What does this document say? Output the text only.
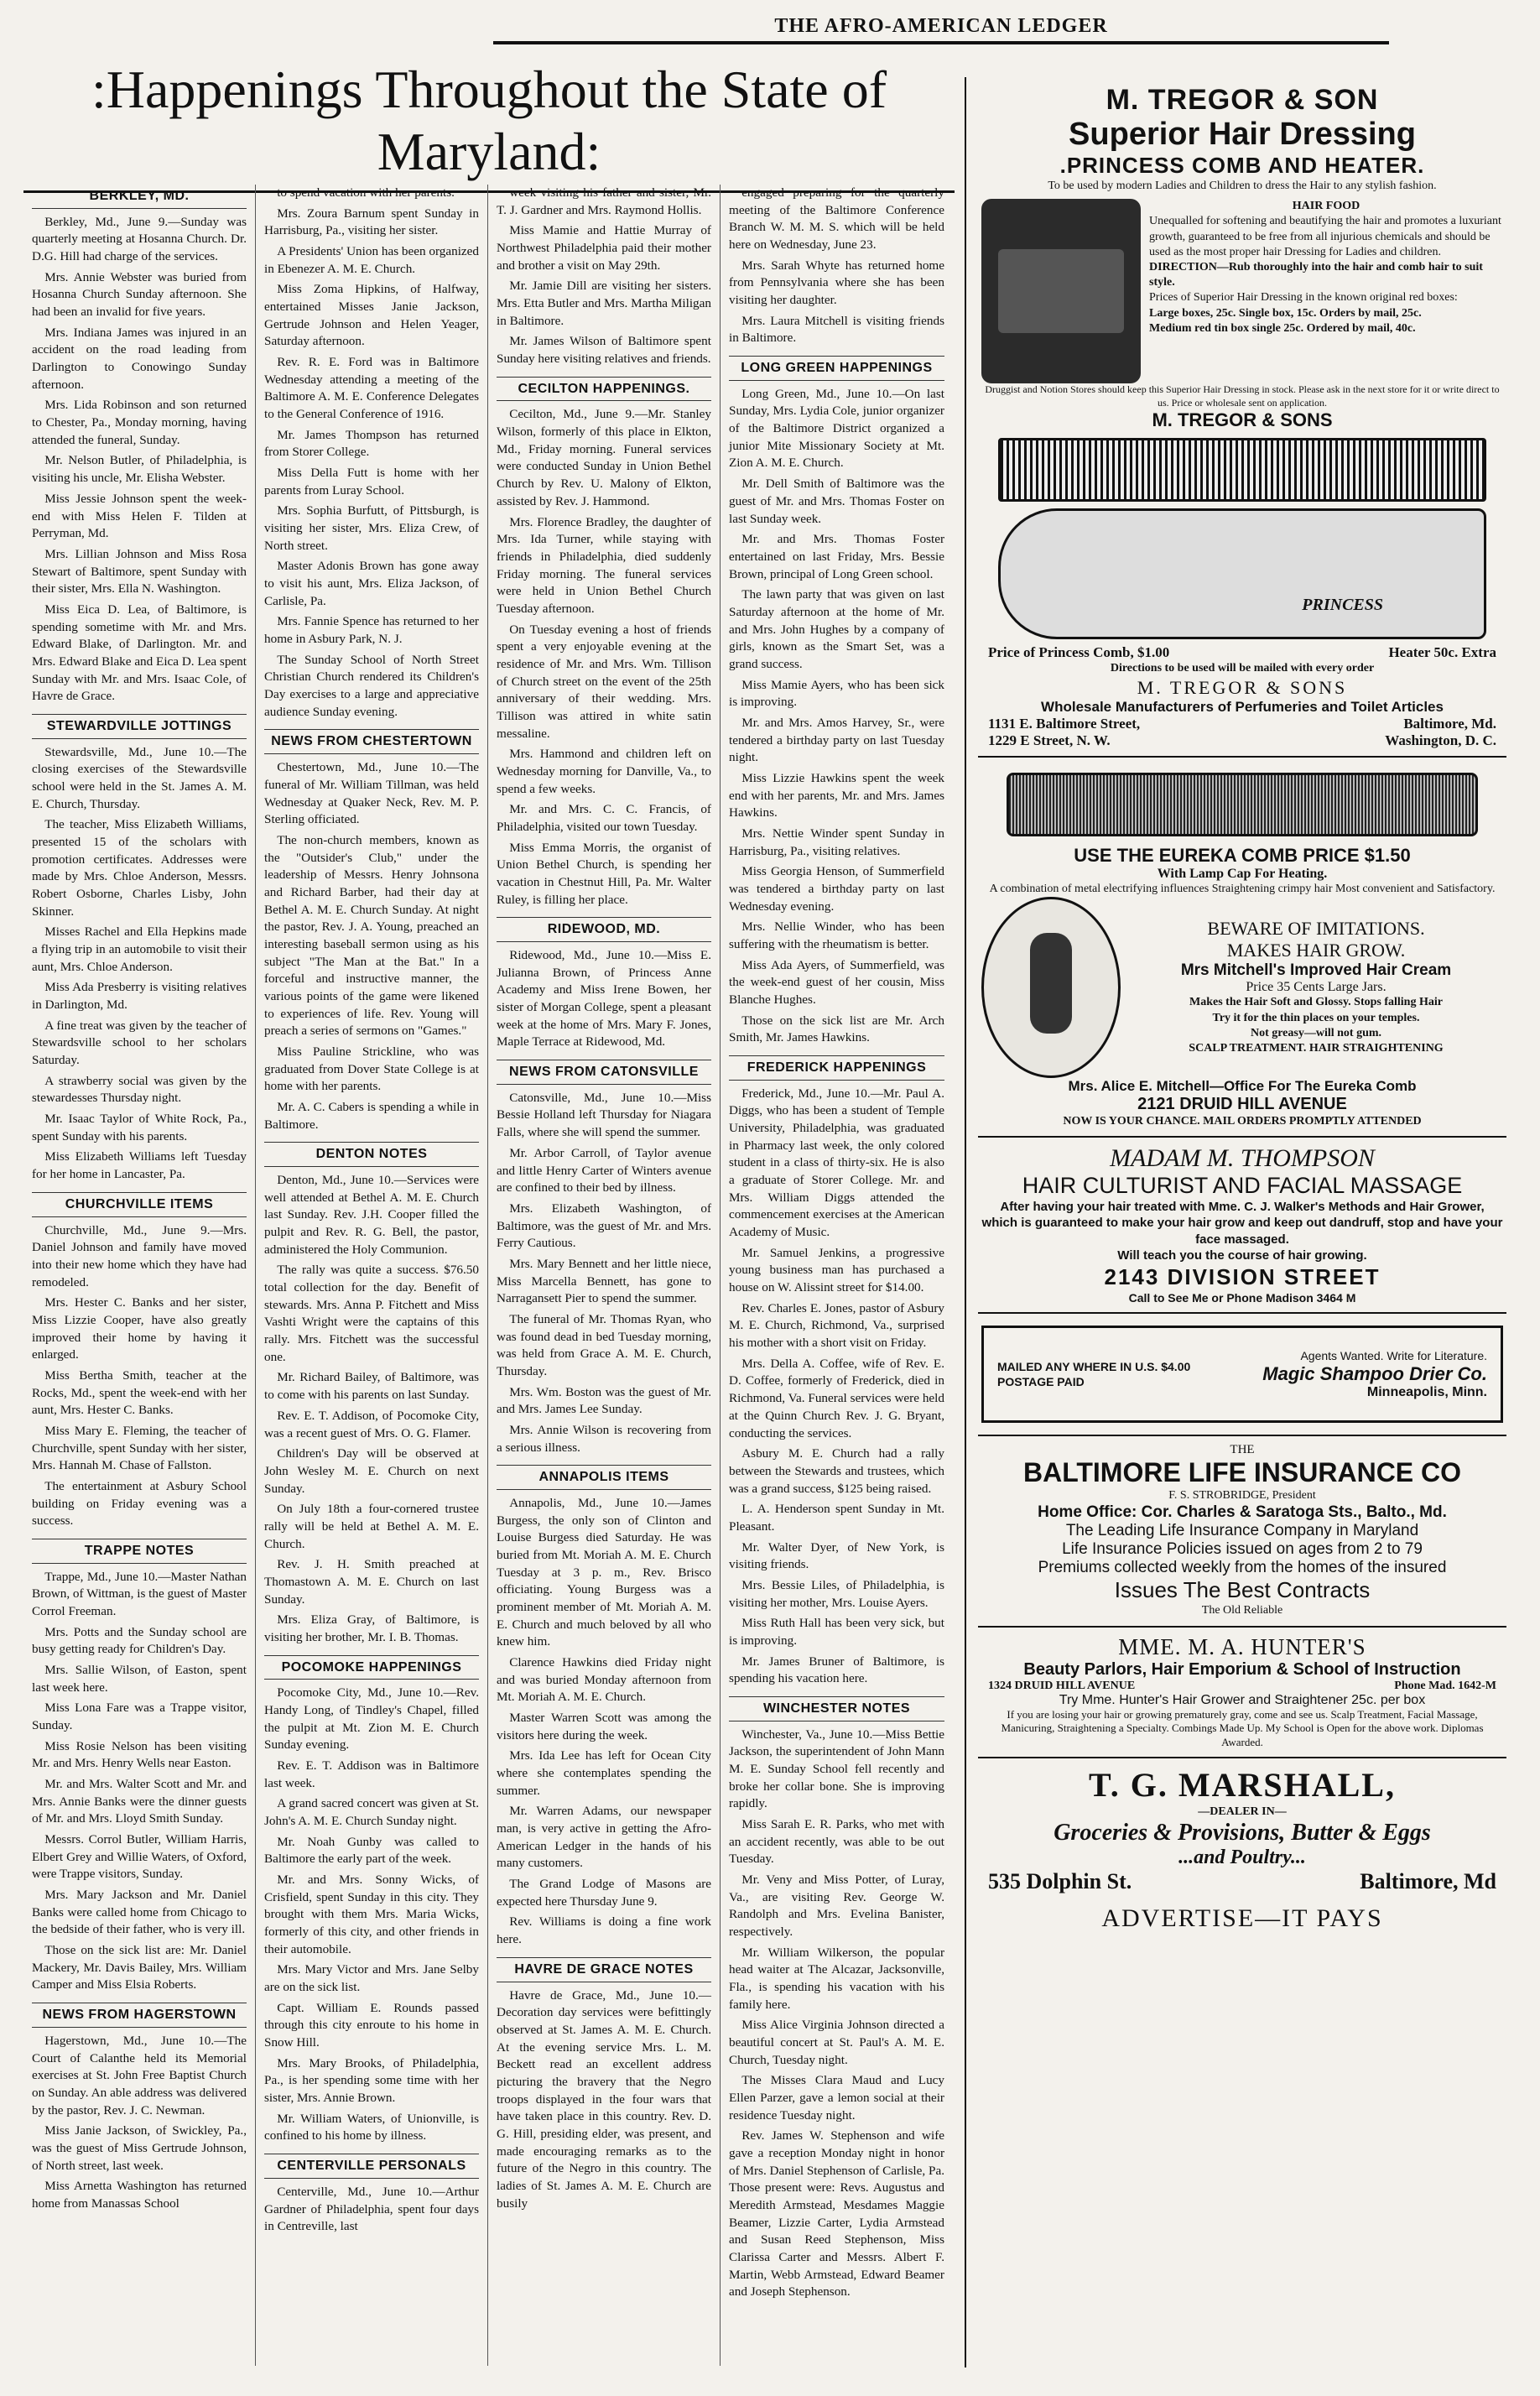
THE AFRO-AMERICAN LEDGER
:Happenings Throughout the State of Maryland:
BERKLEY, MD.

Berkley, Md., June 9.—Sunday was quarterly meeting at Hosanna Church. Dr. D.G. Hill had charge of the services.

Mrs. Annie Webster was buried from Hosanna Church Sunday afternoon. She had been an invalid for five years.

Mrs. Indiana James was injured in an accident on the road leading from Darlington to Conowingo Sunday afternoon.

Mrs. Lida Robinson and son returned to Chester, Pa., Monday morning, having attended the funeral, Sunday.

Mr. Nelson Butler, of Philadelphia, is visiting his uncle, Mr. Elisha Webster.

Miss Jessie Johnson spent the week-end with Miss Helen F. Tilden at Perryman, Md.

Mrs. Lillian Johnson and Miss Rosa Stewart of Baltimore, spent Sunday with their sister, Mrs. Ella N. Washington.

Miss Eica D. Lea, of Baltimore, is spending sometime with Mr. and Mrs. Edward Blake, of Darlington. Mr. and Mrs. Edward Blake and Eica D. Lea spent Sunday with Mr. and Mrs. Isaac Cole, of Havre de Grace.

STEWARDVILLE JOTTINGS

Stewardsville, Md., June 10.—The closing exercises of the Stewardsville school were held in the St. James A. M. E. Church, Thursday.

The teacher, Miss Elizabeth Williams, presented 15 of the scholars with promotion certificates. Addresses were made by Mrs. Chloe Anderson, Messrs. Robert Osborne, Charles Lisby, John Skinner.

Misses Rachel and Ella Hepkins made a flying trip in an automobile to visit their aunt, Mrs. Chloe Anderson.

Miss Ada Presberry is visiting relatives in Darlington, Md.

A fine treat was given by the teacher of Stewardsville school to her scholars Saturday.

A strawberry social was given by the stewardesses Thursday night.

Mr. Isaac Taylor of White Rock, Pa., spent Sunday with his parents.

Miss Elizabeth Williams left Tuesday for her home in Lancaster, Pa.

CHURCHVILLE ITEMS

Churchville, Md., June 9.—Mrs. Daniel Johnson and family have moved into their new home which they have had remodeled.

Mrs. Hester C. Banks and her sister, Miss Lizzie Cooper, have also greatly improved their home by having it enlarged.

Miss Bertha Smith, teacher at the Rocks, Md., spent the week-end with her aunt, Mrs. Hester C. Banks.

Miss Mary E. Fleming, the teacher of Churchville, spent Sunday with her sister, Mrs. Hannah M. Chase of Fallston.

The entertainment at Asbury School building on Friday evening was a success.

TRAPPE NOTES

Trappe, Md., June 10.—Master Nathan Brown, of Wittman, is the guest of Master Corrol Freeman.

Mrs. Potts and the Sunday school are busy getting ready for Children's Day.

Mrs. Sallie Wilson, of Easton, spent last week here.

Miss Lona Fare was a Trappe visitor, Sunday.

Miss Rosie Nelson has been visiting Mr. and Mrs. Henry Wells near Easton.

Mr. and Mrs. Walter Scott and Mr. and Mrs. Annie Banks were the dinner guests of Mr. and Mrs. Lloyd Smith Sunday.

Messrs. Corrol Butler, William Harris, Elbert Grey and Willie Waters, of Oxford, were Trappe visitors, Sunday.

Mrs. Mary Jackson and Mr. Daniel Banks were called home from Chicago to the bedside of their father, who is very ill.

Those on the sick list are: Mr. Daniel Mackery, Mr. Davis Bailey, Mrs. William Camper and Miss Elsia Roberts.

NEWS FROM HAGERSTOWN

Hagerstown, Md., June 10.—The Court of Calanthe held its Memorial exercises at St. John Free Baptist Church on Sunday. An able address was delivered by the pastor, Rev. J. C. Newman.

Miss Janie Jackson, of Swickley, Pa., was the guest of Miss Gertrude Johnson, of North street, last week.

Miss Arnetta Washington has returned home from Manassas School

to spend vacation with her parents.

Mrs. Zoura Barnum spent Sunday in Harrisburg, Pa., visiting her sister.

A Presidents' Union has been organized in Ebenezer A. M. E. Church.

Miss Zoma Hipkins, of Halfway, entertained Misses Janie Jackson, Gertrude Johnson and Helen Yeager, Saturday afternoon.

Rev. R. E. Ford was in Baltimore Wednesday attending a meeting of the Baltimore A. M. E. Conference Delegates to the General Conference of 1916.

Mr. James Thompson has returned from Storer College.

Miss Della Futt is home with her parents from Luray School.

Mrs. Sophia Burfutt, of Pittsburgh, is visiting her sister, Mrs. Eliza Crew, of North street.

Master Adonis Brown has gone away to visit his aunt, Mrs. Eliza Jackson, of Carlisle, Pa.

Mrs. Fannie Spence has returned to her home in Asbury Park, N. J.

The Sunday School of North Street Christian Church rendered its Children's Day exercises to a large and appreciative audience Sunday evening.

NEWS FROM CHESTERTOWN

Chestertown, Md., June 10.—The funeral of Mr. William Tillman, was held Wednesday at Quaker Neck, Rev. M. P. Sterling officiated.

The non-church members, known as the "Outsider's Club," under the leadership of Messrs. Henry Johnsona and Richard Barber, had their day at Bethel A. M. E. Church Sunday. At night the pastor, Rev. J. A. Young, preached an interesting baseball sermon using as his subject "The Man at the Bat." In a forceful and instructive manner, the various points of the game were likened to experiences of life. Rev. Young will preach a series of sermons on "Games."

Miss Pauline Strickline, who was graduated from Dover State College is at home with her parents.

Mr. A. C. Cabers is spending a while in Baltimore.

DENTON NOTES

Denton, Md., June 10.—Services were well attended at Bethel A. M. E. Church last Sunday. Rev. J.H. Cooper filled the pulpit and Rev. R. G. Bell, the pastor, administered the Holy Communion.

The rally was quite a success. $76.50 total collection for the day. Benefit of stewards. Mrs. Anna P. Fitchett and Miss Vashti Wright were the captains of this rally. Mrs. Fitchett was the successful one.

Mr. Richard Bailey, of Baltimore, was to come with his parents on last Sunday.

Rev. E. T. Addison, of Pocomoke City, was a recent guest of Mrs. O. G. Flamer.

Children's Day will be observed at John Wesley M. E. Church on next Sunday.

On July 18th a four-cornered trustee rally will be held at Bethel A. M. E. Church.

Rev. J. H. Smith preached at Thomastown A. M. E. Church on last Sunday.

Mrs. Eliza Gray, of Baltimore, is visiting her brother, Mr. I. B. Thomas.

POCOMOKE HAPPENINGS

Pocomoke City, Md., June 10.—Rev. Handy Long, of Tindley's Chapel, filled the pulpit at Mt. Zion M. E. Church Sunday evening.

Rev. E. T. Addison was in Baltimore last week.

A grand sacred concert was given at St. John's A. M. E. Church Sunday night.

Mr. Noah Gunby was called to Baltimore the early part of the week.

Mr. and Mrs. Sonny Wicks, of Crisfield, spent Sunday in this city. They brought with them Mrs. Maria Wicks, formerly of this city, and other friends in their automobile.

Mrs. Mary Victor and Mrs. Jane Selby are on the sick list.

Capt. William E. Rounds passed through this city enroute to his home in Snow Hill.

Mrs. Mary Brooks, of Philadelphia, Pa., is her spending some time with her sister, Mrs. Annie Brown.

Mr. William Waters, of Unionville, is confined to his home by illness.

CENTERVILLE PERSONALS

Centerville, Md., June 10.—Arthur Gardner of Philadelphia, spent four days in Centreville, last

week visiting his father and sister, Mr. T. J. Gardner and Mrs. Raymond Hollis.

Miss Mamie and Hattie Murray of Northwest Philadelphia paid their mother and brother a visit on May 29th.

Mr. Jamie Dill are visiting her sisters. Mrs. Etta Butler and Mrs. Martha Miligan in Baltimore.

Mr. James Wilson of Baltimore spent Sunday here visiting relatives and friends.

CECILTON HAPPENINGS.

Cecilton, Md., June 9.—Mr. Stanley Wilson, formerly of this place in Elkton, Md., Friday morning. Funeral services were conducted Sunday in Union Bethel Church by Rev. U. Malony of Elkton, assisted by Rev. J. Hammond.

Mrs. Florence Bradley, the daughter of Mrs. Ida Turner, while staying with friends in Philadelphia, died suddenly Friday morning. The funeral services were held in Union Bethel Church Tuesday afternoon.

On Tuesday evening a host of friends spent a very enjoyable evening at the residence of Mr. and Mrs. Wm. Tillison of Church street on the event of the 25th anniversary of their wedding. Mrs. Tillison was attired in white satin messaline.

Mrs. Hammond and children left on Wednesday morning for Danville, Va., to spend a few weeks.

Mr. and Mrs. C. C. Francis, of Philadelphia, visited our town Tuesday.

Miss Emma Morris, the organist of Union Bethel Church, is spending her vacation in Chestnut Hill, Pa. Mr. Walter Ruley, is filling her place.

RIDEWOOD, MD.

Ridewood, Md., June 10.—Miss E. Julianna Brown, of Princess Anne Academy and Miss Irene Bowen, her sister of Morgan College, spent a pleasant week at the home of Mrs. Mary F. Jones, Maple Terrace at Ridewood, Md.

NEWS FROM CATONSVILLE

Catonsville, Md., June 10.—Miss Bessie Holland left Thursday for Niagara Falls, where she will spend the summer.

Mr. Arbor Carroll, of Taylor avenue and little Henry Carter of Winters avenue are confined to their bed by illness.

Mrs. Elizabeth Washington, of Baltimore, was the guest of Mr. and Mrs. Ferry Cautious.

Mrs. Mary Bennett and her little niece, Miss Marcella Bennett, has gone to Narragansett Pier to spend the summer.

The funeral of Mr. Thomas Ryan, who was found dead in bed Tuesday morning, was held from Grace A. M. E. Church, Thursday.

Mrs. Wm. Boston was the guest of Mr. and Mrs. James Lee Sunday.

Mrs. Annie Wilson is recovering from a serious illness.

ANNAPOLIS ITEMS

Annapolis, Md., June 10.—James Burgess, the only son of Clinton and Louise Burgess died Saturday. He was buried from Mt. Moriah A. M. E. Church Tuesday at 3 p. m., Rev. Brisco officiating. Young Burgess was a prominent member of Mt. Moriah A. M. E. Church and much beloved by all who knew him.

Clarence Hawkins died Friday night and was buried Monday afternoon from Mt. Moriah A. M. E. Church.

Master Warren Scott was among the visitors here during the week.

Mrs. Ida Lee has left for Ocean City where she contemplates spending the summer.

Mr. Warren Adams, our newspaper man, is very active in getting the Afro-American Ledger in the hands of his many customers.

The Grand Lodge of Masons are expected here Thursday June 9.

Rev. Williams is doing a fine work here.

HAVRE DE GRACE NOTES

Havre de Grace, Md., June 10.—Decoration day services were befittingly observed at St. James A. M. E. Church. At the evening service Mrs. L. M. Beckett read an excellent address picturing the bravery that the Negro troops displayed in the four wars that have taken place in this country. Rev. D. G. Hill, presiding elder, was present, and made encouraging remarks as to the future of the Negro in this country. The ladies of St. James A. M. E. Church are busily

engaged preparing for the quarterly meeting of the Baltimore Conference Branch W. M. M. S. which will be held here on Wednesday, June 23.

Mrs. Sarah Whyte has returned home from Pennsylvania where she has been visiting her daughter.

Mrs. Laura Mitchell is visiting friends in Baltimore.

LONG GREEN HAPPENINGS

Long Green, Md., June 10.—On last Sunday, Mrs. Lydia Cole, junior organizer of the Baltimore District organized a junior Mite Missionary Society at Mt. Zion A. M. E. Church.

Mr. Dell Smith of Baltimore was the guest of Mr. and Mrs. Thomas Foster on last Sunday week.

Mr. and Mrs. Thomas Foster entertained on last Friday, Mrs. Bessie Brown, principal of Long Green school.

The lawn party that was given on last Saturday afternoon at the home of Mr. and Mrs. John Hughes by a company of girls, known as the Smart Set, was a grand success.

Miss Mamie Ayers, who has been sick is improving.

Mr. and Mrs. Amos Harvey, Sr., were tendered a birthday party on last Tuesday night.

Miss Lizzie Hawkins spent the week end with her parents, Mr. and Mrs. James Hawkins.

Mrs. Nettie Winder spent Sunday in Harrisburg, Pa., visiting relatives.

Miss Georgia Henson, of Summerfield was tendered a birthday party on last Wednesday evening.

Mrs. Nellie Winder, who has been suffering with the rheumatism is better.

Miss Ada Ayers, of Summerfield, was the week-end guest of her cousin, Miss Blanche Hughes.

Those on the sick list are Mr. Arch Smith, Mr. James Hawkins.

FREDERICK HAPPENINGS

Frederick, Md., June 10.—Mr. Paul A. Diggs, who has been a student of Temple University, Philadelphia, was graduated in Pharmacy last week, the only colored student in a class of thirty-six. He is also a graduate of Storer College. Mr. and Mrs. William Diggs attended the commencement exercises at the American Academy of Music.

Mr. Samuel Jenkins, a progressive young business man has purchased a house on W. Alissint street for $14.00.

Rev. Charles E. Jones, pastor of Asbury M. E. Church, Richmond, Va., surprised his mother with a short visit on Friday.

Mrs. Della A. Coffee, wife of Rev. E. D. Coffee, formerly of Frederick, died in Richmond, Va. Funeral services were held at the Quinn Church Rev. J. G. Bryant, conducting the services.

Asbury M. E. Church had a rally between the Stewards and trustees, which was a grand success, $125 being raised.

L. A. Henderson spent Sunday in Mt. Pleasant.

Mr. Walter Dyer, of New York, is visiting friends.

Mrs. Bessie Liles, of Philadelphia, is visiting her mother, Mrs. Louise Ayers.

Miss Ruth Hall has been very sick, but is improving.

Mr. James Bruner of Baltimore, is spending his vacation here.

WINCHESTER NOTES

Winchester, Va., June 10.—Miss Bettie Jackson, the superintendent of John Mann M. E. Sunday School fell recently and broke her collar bone. She is improving rapidly.

Miss Sarah E. R. Parks, who met with an accident recently, was able to be out Tuesday.

Mr. Veny and Miss Potter, of Luray, Va., are visiting Rev. George W. Randolph and Mrs. Evelina Banister, respectively.

Mr. William Wilkerson, the popular head waiter at The Alcazar, Jacksonville, Fla., is spending his vacation with his family here.

Miss Alice Virginia Johnson directed a beautiful concert at St. Paul's A. M. E. Church, Tuesday night.

The Misses Clara Maud and Lucy Ellen Parzer, gave a lemon social at their residence Tuesday night.

Rev. James W. Stephenson and wife gave a reception Monday night in honor of Mrs. Daniel Stephenson of Carlisle, Pa. Those present were: Revs. Augustus and Meredith Armstead, Mesdames Maggie Beamer, Lizzie Carter, Lydia Armstead and Susan Reed Stephenson, Miss Clarissa Carter and Messrs. Albert F. Martin, Webb Armstead, Edward Beamer and Joseph Stephenson.

M. TREGOR & SON
Superior Hair Dressing
.PRINCESS COMB AND HEATER.
To be used by modern Ladies and Children to dress the Hair to any stylish fashion.
HAIR FOOD
Unequalled for softening and beautifying the hair and promotes a luxuriant growth, guaranteed to be free from all injurious chemicals and should be used as the most proper hair Dressing for Ladies and children.
DIRECTION—Rub thoroughly into the hair and comb hair to suit style.
Prices of Superior Hair Dressing in the known original red boxes:
Large boxes, 25c. Single box, 15c. Orders by mail, 25c.
Medium red tin box single 25c. Ordered by mail, 40c.
Druggist and Notion Stores should keep this Superior Hair Dressing in stock. Please ask in the next store for it or write direct to us. Price or wholesale sent on application.
M. TREGOR & SONS
PRINCESS
Price of Princess Comb, $1.00	Heater 50c. Extra
Directions to be used will be mailed with every order
M. TREGOR & SONS
Wholesale Manufacturers of Perfumeries and Toilet Articles
1131 E. Baltimore Street,	Baltimore, Md.
1229 E Street, N. W.	Washington, D. C.
USE THE EUREKA COMB PRICE $1.50
With Lamp Cap For Heating.
A combination of metal electrifying influences Straightening crimpy hair Most convenient and Satisfactory.
BEWARE OF IMITATIONS.
MAKES HAIR GROW.
Mrs Mitchell's Improved Hair Cream
Price 35 Cents Large Jars.
Makes the Hair Soft and Glossy. Stops falling Hair
Try it for the thin places on your temples.
Not greasy—will not gum.
SCALP TREATMENT. HAIR STRAIGHTENING
Mrs. Alice E. Mitchell—Office For The Eureka Comb
2121 DRUID HILL AVENUE
NOW IS YOUR CHANCE. MAIL ORDERS PROMPTLY ATTENDED
MADAM M. THOMPSON
HAIR CULTURIST AND FACIAL MASSAGE
After having your hair treated with Mme. C. J. Walker's Methods and Hair Grower, which is guaranteed to make your hair grow and keep out dandruff, stop and have your face massaged.
Will teach you the course of hair growing.
2143 DIVISION STREET
Call to See Me or Phone Madison 3464 M
MAILED ANY WHERE IN U.S. $4.00 POSTAGE PAID
Agents Wanted. Write for Literature.
Magic Shampoo Drier Co.
Minneapolis, Minn.
THE
BALTIMORE LIFE INSURANCE CO
F. S. STROBRIDGE, President
Home Office: Cor. Charles & Saratoga Sts., Balto., Md.
The Leading Life Insurance Company in Maryland
Life Insurance Policies issued on ages from 2 to 79
Premiums collected weekly from the homes of the insured
Issues The Best Contracts
The Old Reliable
MME. M. A. HUNTER'S
Beauty Parlors, Hair Emporium & School of Instruction
1324 DRUID HILL AVENUE	Phone Mad. 1642-M
Try Mme. Hunter's Hair Grower and Straightener 25c. per box
If you are losing your hair or growing prematurely gray, come and see us. Scalp Treatment, Facial Massage, Manicuring, Straightening a Specialty. Combings Made Up. My School is Open for the above work. Diplomas Awarded.
T. G. MARSHALL,
—DEALER IN—
Groceries & Provisions, Butter & Eggs
...and Poultry...
535 Dolphin St.	Baltimore, Md
ADVERTISE—IT PAYS
